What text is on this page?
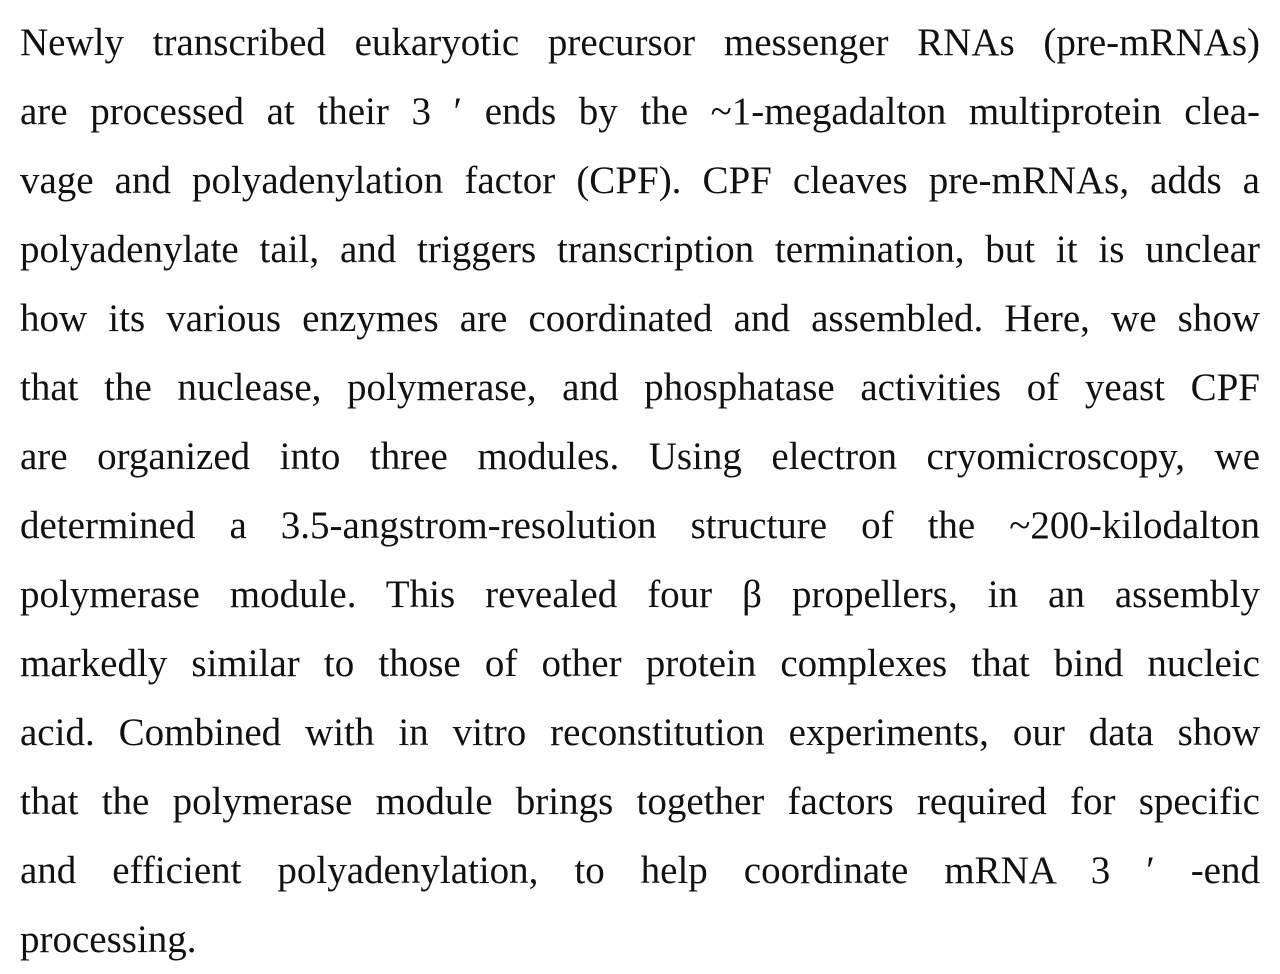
Newly transcribed eukaryotic precursor messenger RNAs (pre-mRNAs)
are processed at their 3 ′ ends by the ~1-megadalton multiprotein clea-
vage and polyadenylation factor (CPF). CPF cleaves pre-mRNAs, adds a
polyadenylate tail, and triggers transcription termination, but it is unclear
how its various enzymes are coordinated and assembled. Here, we show
that the nuclease, polymerase, and phosphatase activities of yeast CPF
are organized into three modules. Using electron cryomicroscopy, we
determined a 3.5-angstrom-resolution structure of the ~200-kilodalton
polymerase module. This revealed four β propellers, in an assembly
markedly similar to those of other protein complexes that bind nucleic
acid. Combined with in vitro reconstitution experiments, our data show
that the polymerase module brings together factors required for specific
and efficient polyadenylation, to help coordinate mRNA 3 ′ -end
processing.
